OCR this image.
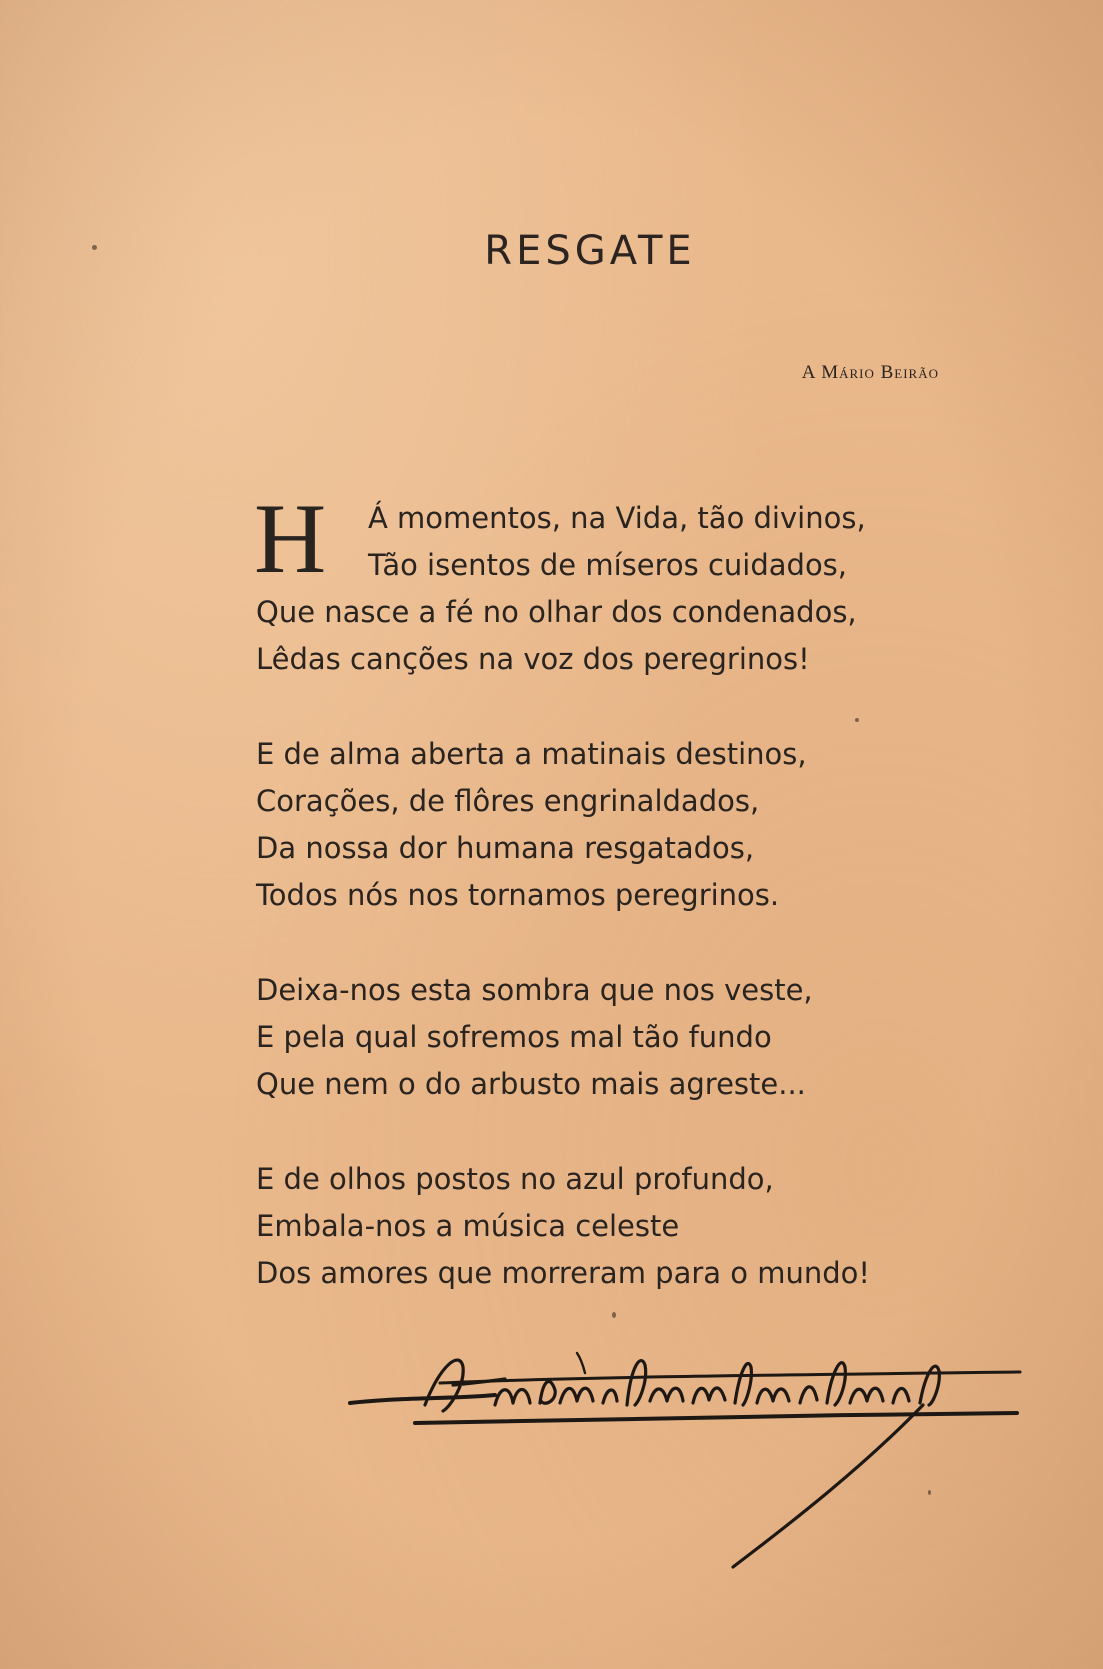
RESGATE
A Mário Beirão
H	Á momentos, na Vida, tão divinos,
Tão isentos de míseros cuidados,
Que nasce a fé no olhar dos condenados,
Lêdas canções na voz dos peregrinos!
E de alma aberta a matinais destinos,
Corações, de flôres engrinaldados,
Da nossa dor humana resgatados,
Todos nós nos tornamos peregrinos.
Deixa-nos esta sombra que nos veste,
E pela qual sofremos mal tão fundo
Que nem o do arbusto mais agreste...
E de olhos postos no azul profundo,
Embala-nos a música celeste
Dos amores que morreram para o mundo!
